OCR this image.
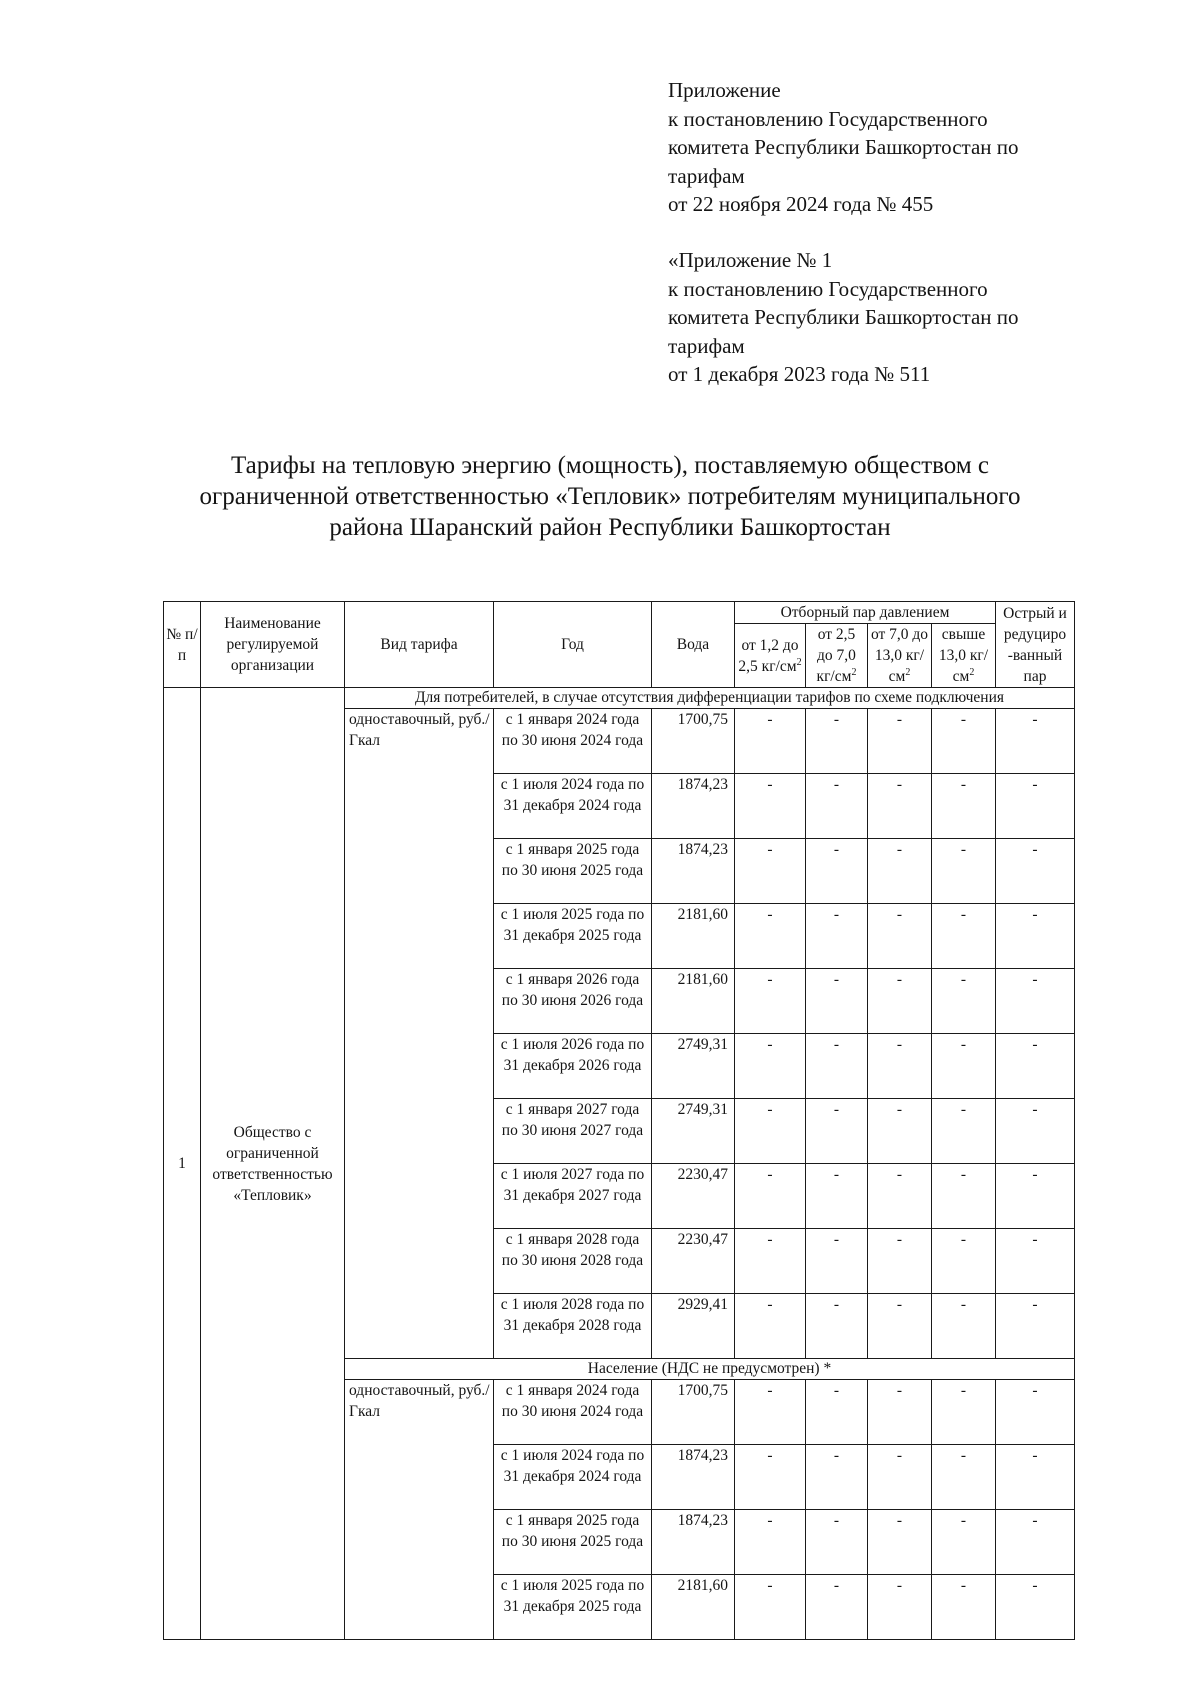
Приложение
к постановлению Государственного
комитета Республики Башкортостан по
тарифам
от 22 ноября 2024 года № 455
«Приложение № 1
к постановлению Государственного
комитета Республики Башкортостан по
тарифам
от 1 декабря 2023 года № 511
Тарифы на тепловую энергию (мощность), поставляемую обществом с
ограниченной ответственностью «Тепловик» потребителям муниципального
района Шаранский район Республики Башкортостан
№ п/п	Наименование регулируемой организации	Вид тарифа	Год	Вода	Отборный пар давлением				Острый и редуциро -ванный пар
					от 1,2 до 2,5 $кг/см^2$	от 2,5 до 7,0 $кг/см^2$	от 7,0 до 13,0 $кг/см^2$	свыше 13,0 $кг/см^2$
1	Общество с ограниченной ответственностью «Тепловик»	Для потребителей, в случае отсутствия дифференциации тарифов по схеме подключения							
		одноставочный, руб./Гкал	с 1 января 2024 года по 30 июня 2024 года	1700,75	-	-	-	-	-
			с 1 июля 2024 года по 31 декабря 2024 года	1874,23	-	-	-	-	-
			с 1 января 2025 года по 30 июня 2025 года	1874,23	-	-	-	-	-
			с 1 июля 2025 года по 31 декабря 2025 года	2181,60	-	-	-	-	-
			с 1 января 2026 года по 30 июня 2026 года	2181,60	-	-	-	-	-
			с 1 июля 2026 года по 31 декабря 2026 года	2749,31	-	-	-	-	-
			с 1 января 2027 года по 30 июня 2027 года	2749,31	-	-	-	-	-
			с 1 июля 2027 года по 31 декабря 2027 года	2230,47	-	-	-	-	-
			с 1 января 2028 года по 30 июня 2028 года	2230,47	-	-	-	-	-
			с 1 июля 2028 года по 31 декабря 2028 года	2929,41	-	-	-	-	-
		Население (НДС не предусмотрен) *							
		одноставочный, руб./Гкал	с 1 января 2024 года по 30 июня 2024 года	1700,75	-	-	-	-	-
			с 1 июля 2024 года по 31 декабря 2024 года	1874,23	-	-	-	-	-
			с 1 января 2025 года по 30 июня 2025 года	1874,23	-	-	-	-	-
			с 1 июля 2025 года по 31 декабря 2025 года	2181,60	-	-	-	-	-
